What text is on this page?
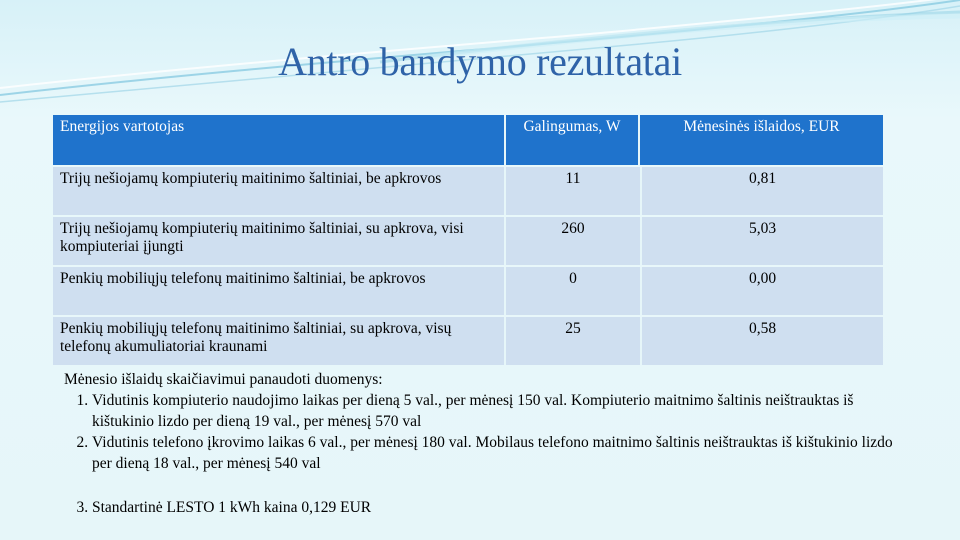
Antro bandymo rezultatai
Energijos vartotojas	Galingumas, W	Mėnesinės išlaidos, EUR
Trijų nešiojamų kompiuterių maitinimo šaltiniai, be apkrovos	11	0,81
Trijų nešiojamų kompiuterių maitinimo šaltiniai, su apkrova, visi kompiuteriai įjungti	260	5,03
Penkių mobiliųjų telefonų maitinimo šaltiniai, be apkrovos	0	0,00
Penkių mobiliųjų telefonų maitinimo šaltiniai, su apkrova, visų telefonų akumuliatoriai kraunami	25	0,58
Mėnesio išlaidų skaičiavimui panaudoti duomenys:
1. Vidutinis kompiuterio naudojimo laikas per dieną 5 val., per mėnesį 150 val. Kompiuterio maitnimo šaltinis neištrauktas iš kištukinio lizdo per dieną 19 val., per mėnesį 570 val
2. Vidutinis telefono įkrovimo laikas 6 val., per mėnesį 180 val. Mobilaus telefono maitnimo šaltinis neištrauktas iš kištukinio lizdo per dieną 18 val., per mėnesį 540 val
3. Standartinė LESTO 1 kWh kaina 0,129 EUR
